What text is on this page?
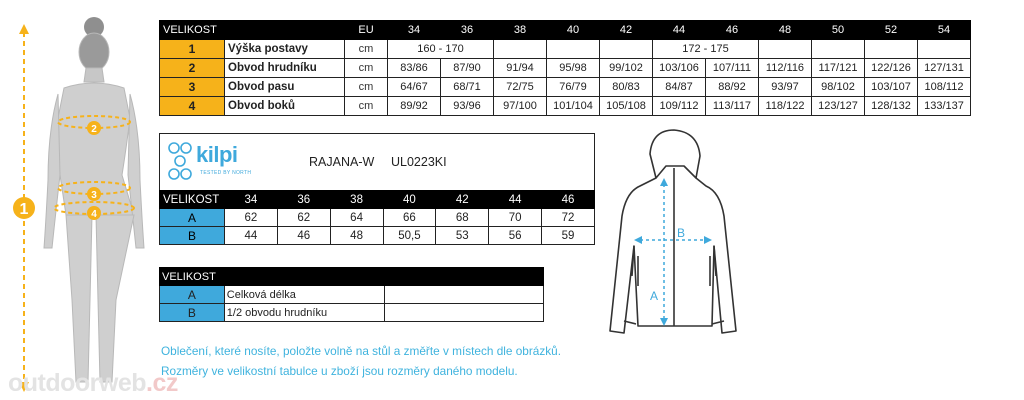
1
2
3
4
VELIKOST		EU	34	36	38	40	42	44	46	48	50	52	54
1	Výška postavy	cm	160 - 170					172 - 175					
2	Obvod hrudníku	cm	83/86	87/90	91/94	95/98	99/102	103/106	107/111	112/116	117/121	122/126	127/131
3	Obvod pasu	cm	64/67	68/71	72/75	76/79	80/83	84/87	88/92	93/97	98/102	103/107	108/112
4	Obvod boků	cm	89/92	93/96	97/100	101/104	105/108	109/112	113/117	118/122	123/127	128/132	133/137
kilpi
TESTED BY NORTH
RAJANA-W UL0223KI
VELIKOST	34	36	38	40	42	44	46
A	62	62	64	66	68	70	72
B	44	46	48	50,5	53	56	59
VELIKOST		
A	Celková délka	
B	1/2 obvodu hrudníku	
A
B
Oblečení, které nosíte, položte volně na stůl a změřte v místech dle obrázků.
Rozměry ve velikostní tabulce u zboží jsou rozměry daného modelu.
outdoorweb.cz
